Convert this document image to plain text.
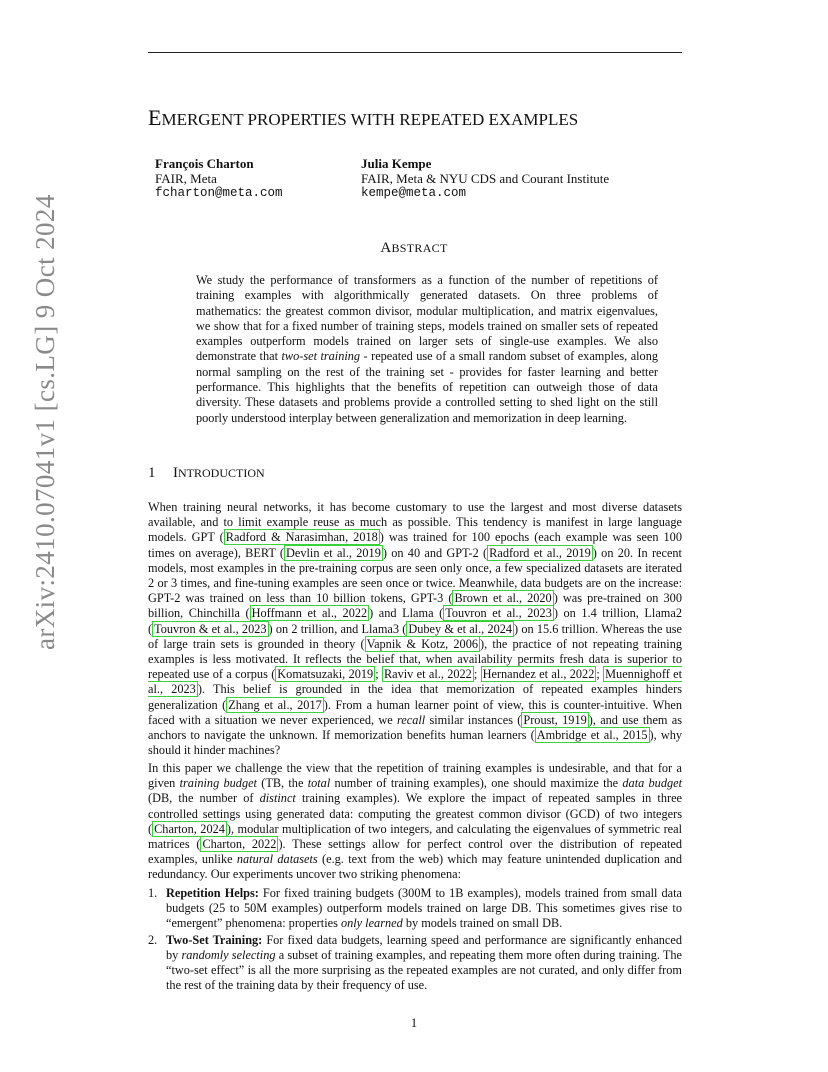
arXiv:2410.07041v1 [cs.LG] 9 Oct 2024
EMERGENT PROPERTIES WITH REPEATED EXAMPLES
François Charton
FAIR, Meta
fcharton@meta.com
Julia Kempe
FAIR, Meta & NYU CDS and Courant Institute
kempe@meta.com
ABSTRACT
We study the performance of transformers as a function of the number of repetitions of training examples with algorithmically generated datasets. On three problems of mathematics: the greatest common divisor, modular multiplication, and matrix eigenvalues, we show that for a fixed number of training steps, models trained on smaller sets of repeated examples outperform models trained on larger sets of single-use examples. We also demonstrate that two-set training - repeated use of a small random subset of examples, along normal sampling on the rest of the training set - provides for faster learning and better performance. This highlights that the benefits of repetition can outweigh those of data diversity. These datasets and problems provide a controlled setting to shed light on the still poorly understood interplay between generalization and memorization in deep learning.
1 INTRODUCTION
When training neural networks, it has become customary to use the largest and most diverse datasets available, and to limit example reuse as much as possible. This tendency is manifest in large language models. GPT ( Radford & Narasimhan, 2018 ) was trained for 100 epochs (each example was seen 100 times on average), BERT ( Devlin et al., 2019 ) on 40 and GPT-2 ( Radford et al., 2019 ) on 20. In recent models, most examples in the pre-training corpus are seen only once, a few specialized datasets are iterated 2 or 3 times, and fine-tuning examples are seen once or twice. Meanwhile, data budgets are on the increase: GPT-2 was trained on less than 10 billion tokens, GPT-3 ( Brown et al., 2020 ) was pre-trained on 300 billion, Chinchilla ( Hoffmann et al., 2022 ) and Llama ( Touvron et al., 2023 ) on 1.4 trillion, Llama2 ( Touvron & et al., 2023 ) on 2 trillion, and Llama3 ( Dubey & et al., 2024 ) on 15.6 trillion. Whereas the use of large train sets is grounded in theory ( Vapnik & Kotz, 2006 ), the practice of not repeating training examples is less motivated. It reflects the belief that, when availability permits fresh data is superior to repeated use of a corpus ( Komatsuzaki, 2019 ; Raviv et al., 2022 ; Hernandez et al., 2022 ; Muennighoff et al., 2023 ). This belief is grounded in the idea that memorization of repeated examples hinders generalization ( Zhang et al., 2017 ). From a human learner point of view, this is counter-intuitive. When faced with a situation we never experienced, we recall similar instances ( Proust, 1919 ), and use them as anchors to navigate the unknown. If memorization benefits human learners ( Ambridge et al., 2015 ), why should it hinder machines?
In this paper we challenge the view that the repetition of training examples is undesirable, and that for a given training budget (TB, the total number of training examples), one should maximize the data budget (DB, the number of distinct training examples). We explore the impact of repeated samples in three controlled settings using generated data: computing the greatest common divisor (GCD) of two integers ( Charton, 2024 ), modular multiplication of two integers, and calculating the eigenvalues of symmetric real matrices ( Charton, 2022 ). These settings allow for perfect control over the distribution of repeated examples, unlike natural datasets (e.g. text from the web) which may feature unintended duplication and redundancy. Our experiments uncover two striking phenomena:
1. Repetition Helps: For fixed training budgets (300M to 1B examples), models trained from small data budgets (25 to 50M examples) outperform models trained on large DB. This sometimes gives rise to “emergent” phenomena: properties only learned by models trained on small DB.
2. Two-Set Training: For fixed data budgets, learning speed and performance are significantly enhanced by randomly selecting a subset of training examples, and repeating them more often during training. The “two-set effect” is all the more surprising as the repeated examples are not curated, and only differ from the rest of the training data by their frequency of use.
1
